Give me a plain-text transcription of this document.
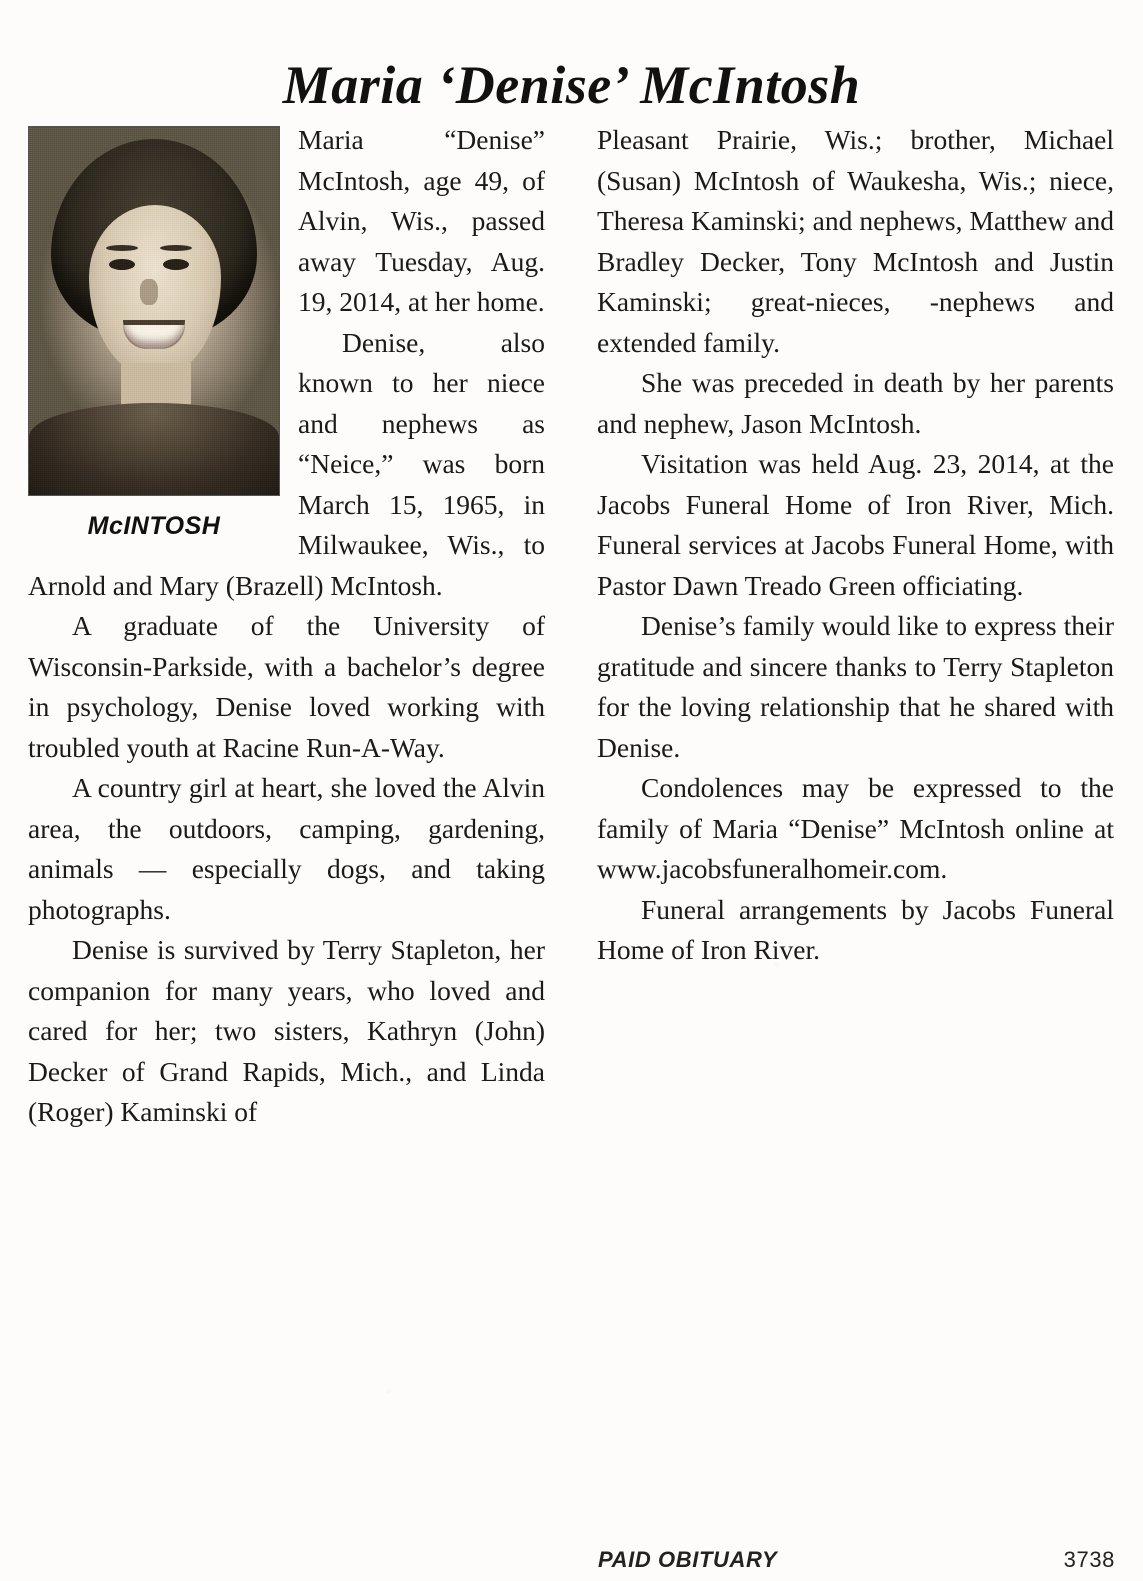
Maria ‘Denise’ McIntosh
McINTOSH

Maria “Denise” McIntosh, age 49, of Alvin, Wis., passed away Tuesday, Aug. 19, 2014, at her home.

Denise, also known to her niece and nephews as “Neice,” was born March 15, 1965, in Milwaukee, Wis., to Arnold and Mary (Brazell) McIntosh.

A graduate of the University of Wisconsin-Parkside, with a bachelor’s degree in psychology, Denise loved working with troubled youth at Racine Run-A-Way.

A country girl at heart, she loved the Alvin area, the outdoors, camping, gardening, animals — especially dogs, and taking photographs.

Denise is survived by Terry Stapleton, her companion for many years, who loved and cared for her; two sisters, Kathryn (John) Decker of Grand Rapids, Mich., and Linda (Roger) Kaminski of

Pleasant Prairie, Wis.; brother, Michael (Susan) McIntosh of Waukesha, Wis.; niece, Theresa Kaminski; and nephews, Matthew and Bradley Decker, Tony McIntosh and Justin Kaminski; great-nieces, -nephews and extended family.

She was preceded in death by her parents and nephew, Jason McIntosh.

Visitation was held Aug. 23, 2014, at the Jacobs Funeral Home of Iron River, Mich. Funeral services at Jacobs Funeral Home, with Pastor Dawn Treado Green officiating.

Denise’s family would like to express their gratitude and sincere thanks to Terry Stapleton for the loving relationship that he shared with Denise.

Condolences may be expressed to the family of Maria “Denise” McIntosh online at www.jacobsfuneralhomeir.com.

Funeral arrangements by Jacobs Funeral Home of Iron River.

PAID OBITUARY	3738
